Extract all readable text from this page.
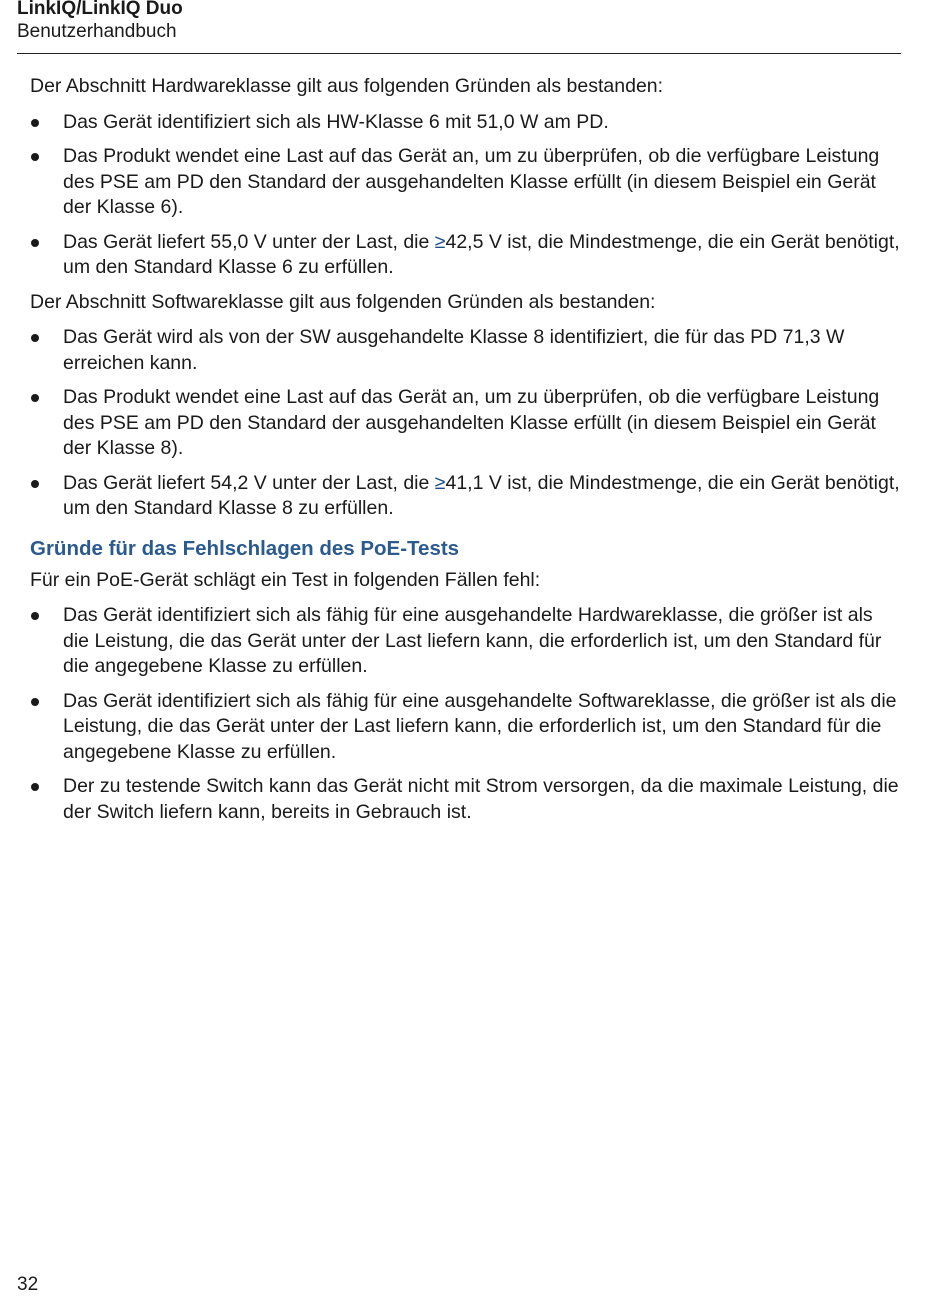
LinkIQ/LinkIQ Duo
Benutzerhandbuch

Der Abschnitt Hardwareklasse gilt aus folgenden Gründen als bestanden:

Das Gerät identifiziert sich als HW-Klasse 6 mit 51,0 W am PD.
Das Produkt wendet eine Last auf das Gerät an, um zu überprüfen, ob die verfügbare Leistung des PSE am PD den Standard der ausgehandelten Klasse erfüllt (in diesem Beispiel ein Gerät der Klasse 6).
Das Gerät liefert 55,0 V unter der Last, die ≥42,5 V ist, die Mindestmenge, die ein Gerät benötigt, um den Standard Klasse 6 zu erfüllen.

Der Abschnitt Softwareklasse gilt aus folgenden Gründen als bestanden:

Das Gerät wird als von der SW ausgehandelte Klasse 8 identifiziert, die für das PD 71,3 W erreichen kann.
Das Produkt wendet eine Last auf das Gerät an, um zu überprüfen, ob die verfügbare Leistung des PSE am PD den Standard der ausgehandelten Klasse erfüllt (in diesem Beispiel ein Gerät der Klasse 8).
Das Gerät liefert 54,2 V unter der Last, die ≥41,1 V ist, die Mindestmenge, die ein Gerät benötigt, um den Standard Klasse 8 zu erfüllen.
Gründe für das Fehlschlagen des PoE-Tests

Für ein PoE-Gerät schlägt ein Test in folgenden Fällen fehl:

Das Gerät identifiziert sich als fähig für eine ausgehandelte Hardwareklasse, die größer ist als die Leistung, die das Gerät unter der Last liefern kann, die erforderlich ist, um den Standard für die angegebene Klasse zu erfüllen.
Das Gerät identifiziert sich als fähig für eine ausgehandelte Softwareklasse, die größer ist als die Leistung, die das Gerät unter der Last liefern kann, die erforderlich ist, um den Standard für die angegebene Klasse zu erfüllen.
Der zu testende Switch kann das Gerät nicht mit Strom versorgen, da die maximale Leistung, die der Switch liefern kann, bereits in Gebrauch ist.
32
